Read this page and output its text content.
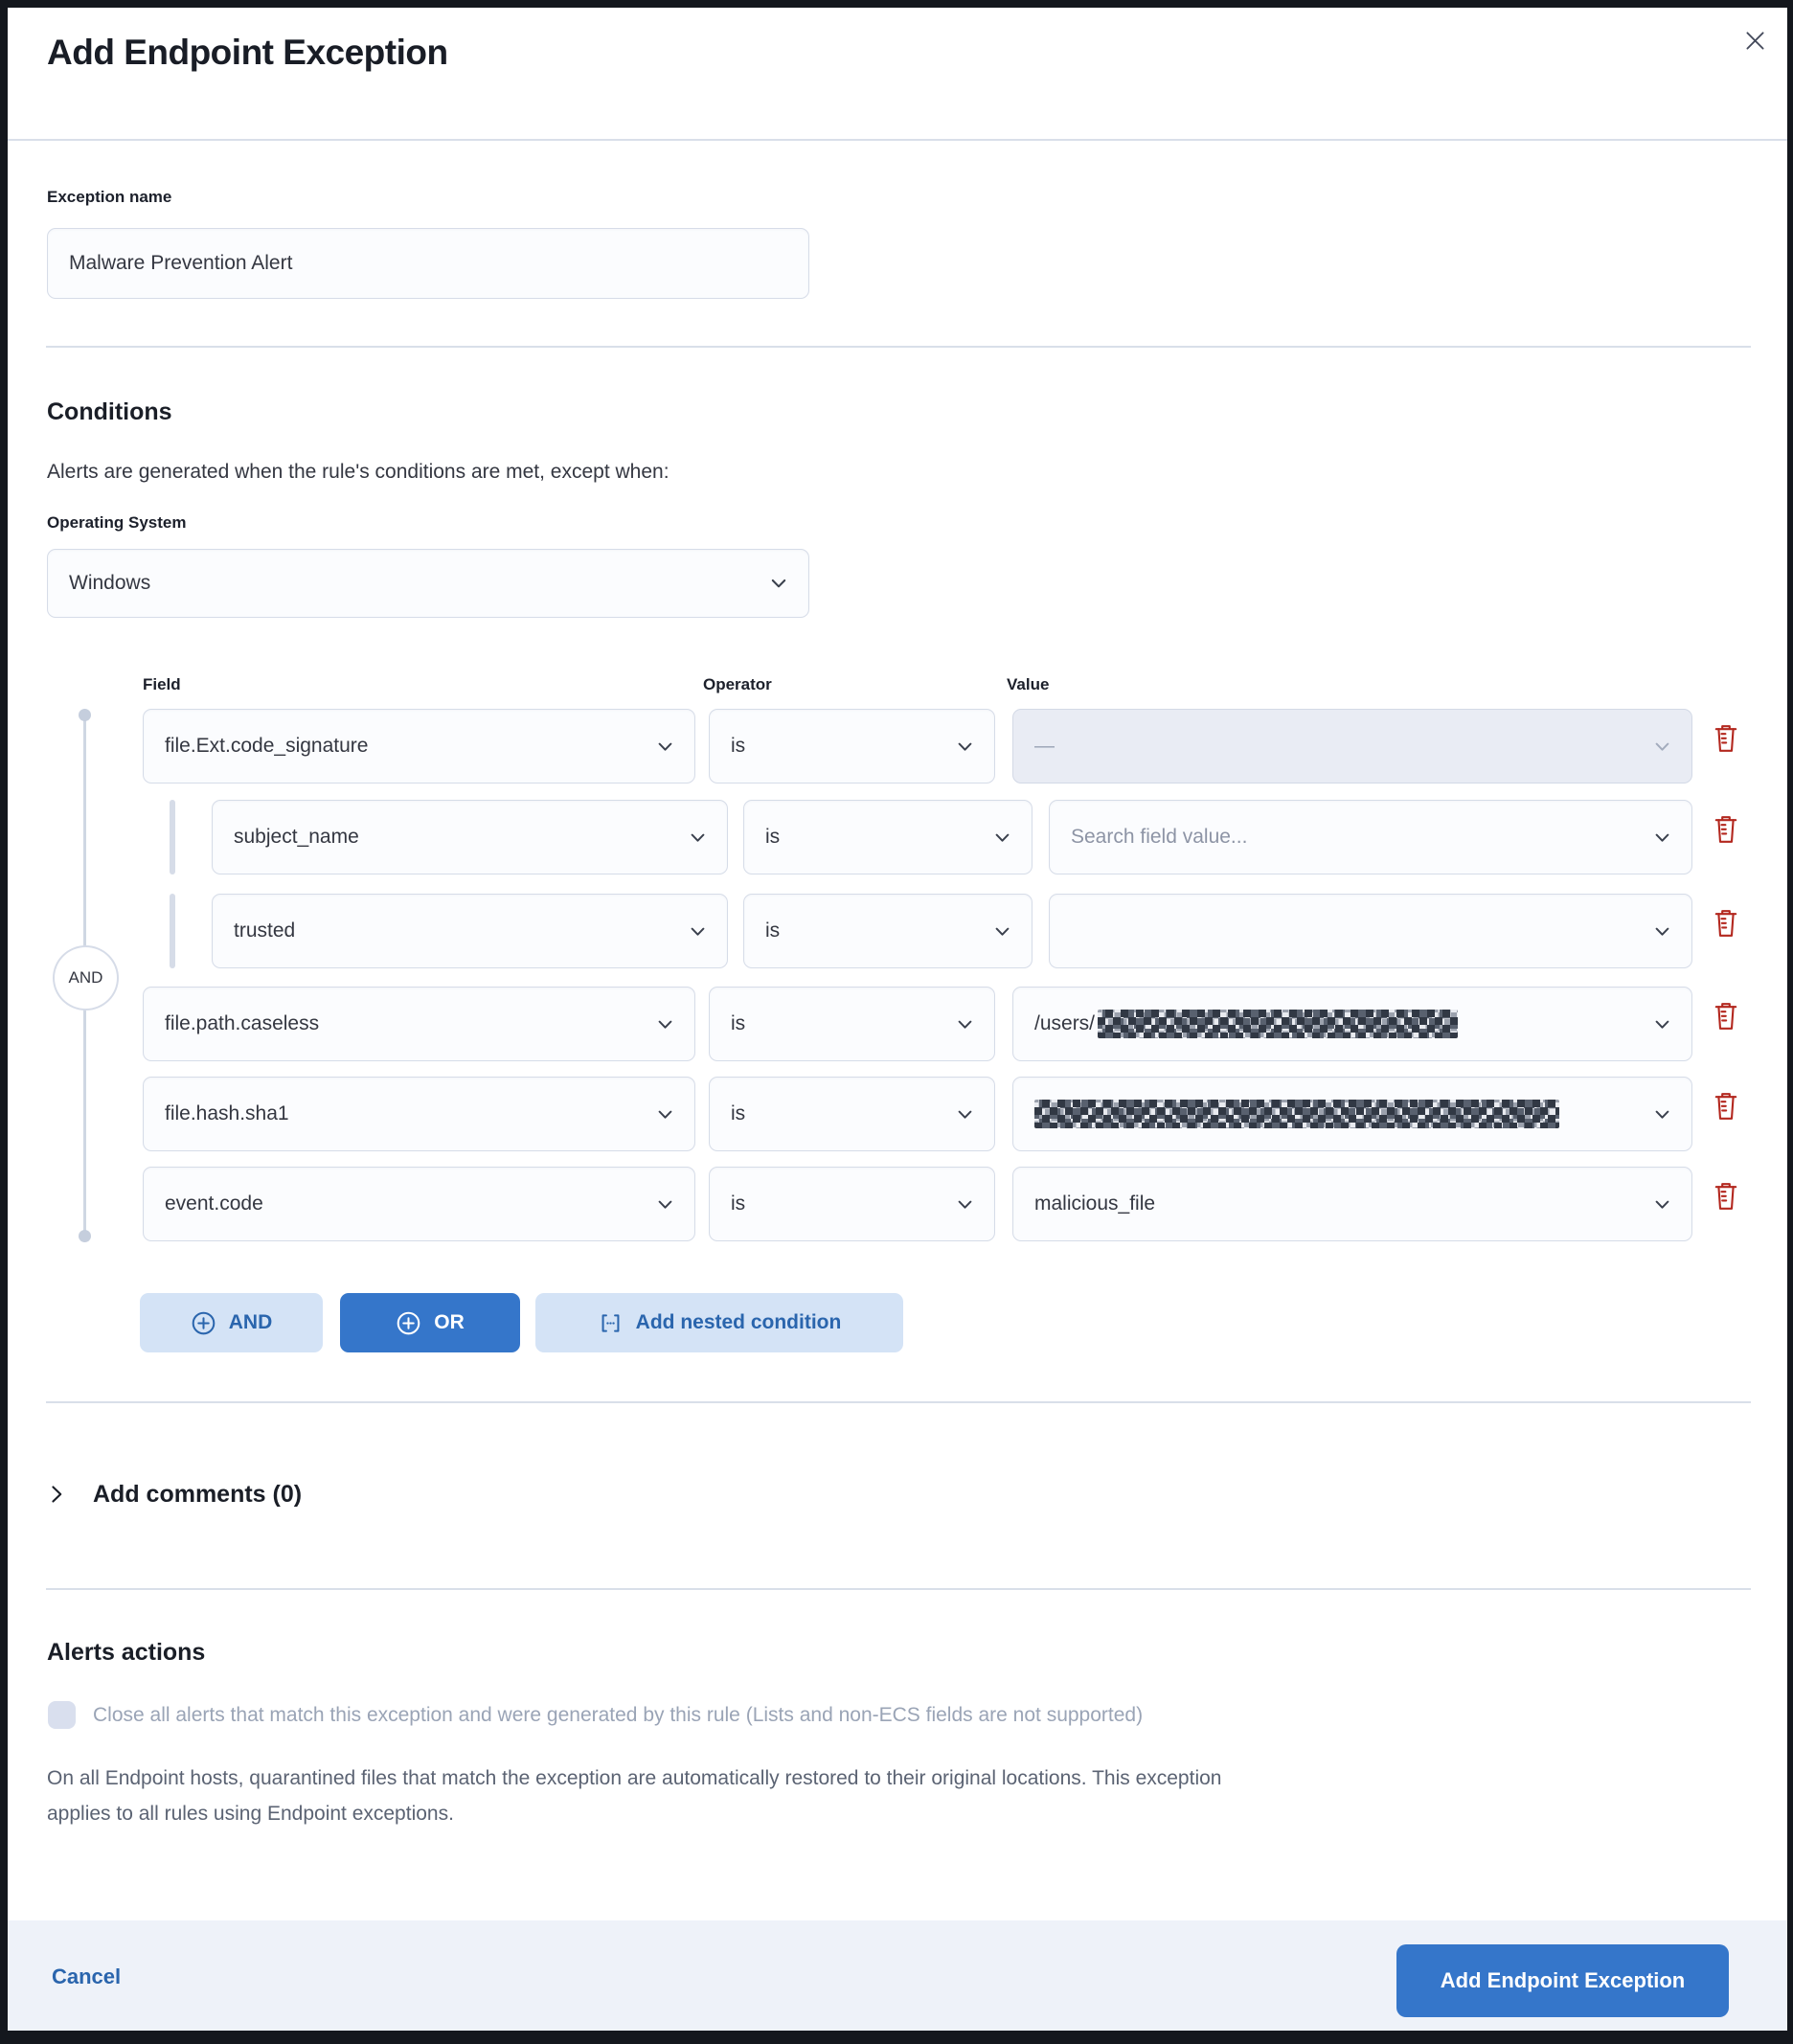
Add Endpoint Exception
Exception name
Malware Prevention Alert
Conditions

Alerts are generated when the rule's conditions are met, except when:

Operating System
Windows
Field	Operator	Value
AND
file.Ext.code_signature	is	—
subject_name	is	Search field value...
trusted	is
file.path.caseless	is	/users/
file.hash.sha1	is
event.code	is	malicious_file
AND	OR	Add nested condition
Add comments (0)
Alerts actions
Close all alerts that match this exception and were generated by this rule (Lists and non-ECS fields are not supported)
On all Endpoint hosts, quarantined files that match the exception are automatically restored to their original locations. This exception
applies to all rules using Endpoint exceptions.
Cancel	Add Endpoint Exception
